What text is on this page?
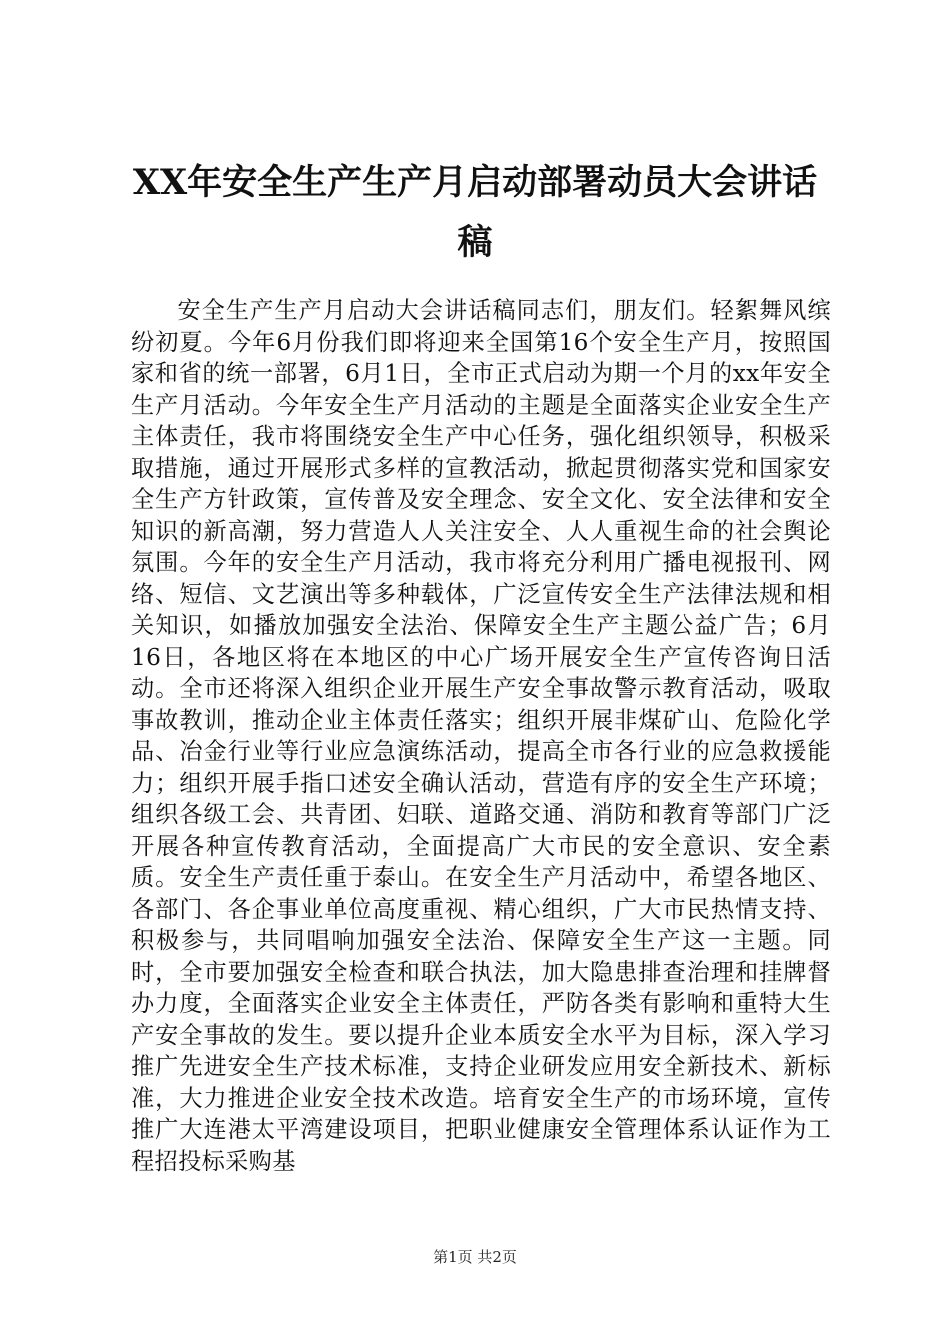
XX年安全生产生产月启动部署动员大会讲话
稿

安全生产生产月启动大会讲话稿同志们，朋友们。轻絮舞风缤纷初夏。今年6月份我们即将迎来全国第16个安全生产月，按照国家和省的统一部署，6月1日，全市正式启动为期一个月的xx年安全生产月活动。今年安全生产月活动的主题是全面落实企业安全生产主体责任，我市将围绕安全生产中心任务，强化组织领导，积极采取措施，通过开展形式多样的宣教活动，掀起贯彻落实党和国家安全生产方针政策，宣传普及安全理念、安全文化、安全法律和安全知识的新高潮，努力营造人人关注安全、人人重视生命的社会舆论氛围。今年的安全生产月活动，我市将充分利用广播电视报刊、网络、短信、文艺演出等多种载体，广泛宣传安全生产法律法规和相关知识，如播放加强安全法治、保障安全生产主题公益广告；6月16日，各地区将在本地区的中心广场开展安全生产宣传咨询日活动。全市还将深入组织企业开展生产安全事故警示教育活动，吸取事故教训，推动企业主体责任落实；组织开展非煤矿山、危险化学品、冶金行业等行业应急演练活动，提高全市各行业的应急救援能力；组织开展手指口述安全确认活动，营造有序的安全生产环境；组织各级工会、共青团、妇联、道路交通、消防和教育等部门广泛开展各种宣传教育活动，全面提高广大市民的安全意识、安全素质。安全生产责任重于泰山。在安全生产月活动中，希望各地区、各部门、各企事业单位高度重视、精心组织，广大市民热情支持、积极参与，共同唱响加强安全法治、保障安全生产这一主题。同时，全市要加强安全检查和联合执法，加大隐患排查治理和挂牌督办力度，全面落实企业安全主体责任，严防各类有影响和重特大生产安全事故的发生。要以提升企业本质安全水平为目标，深入学习推广先进安全生产技术标准，支持企业研发应用安全新技术、新标准，大力推进企业安全技术改造。培育安全生产的市场环境，宣传推广大连港太平湾建设项目，把职业健康安全管理体系认证作为工程招投标采购基

第1页 共2页
